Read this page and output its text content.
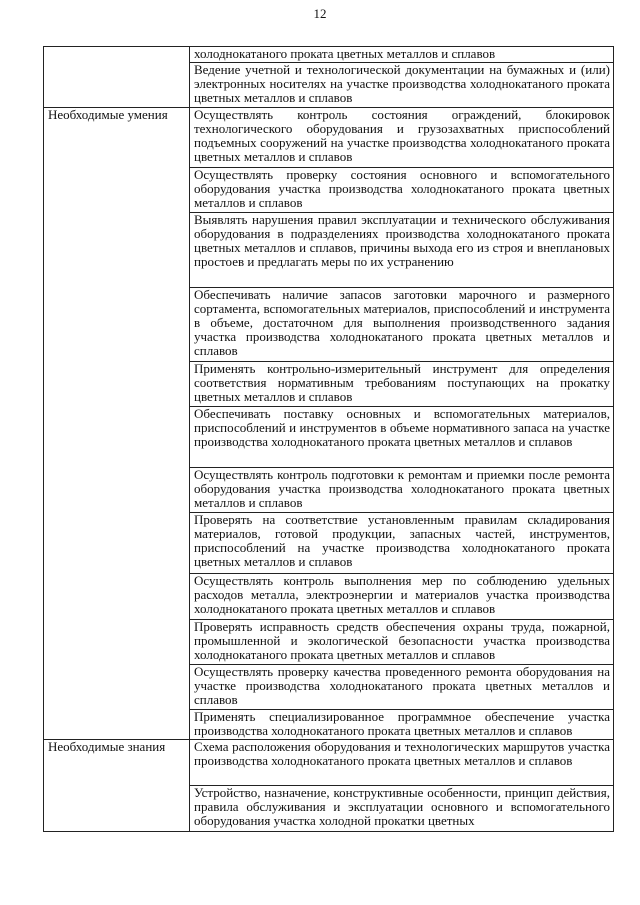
12
	холоднокатаного проката цветных металлов и сплавов
	Ведение учетной и технологической документации на бумажных и (или) электронных носителях на участке производства холоднокатаного проката цветных металлов и сплавов
Необходимые умения	Осуществлять контроль состояния ограждений, блокировок технологического оборудования и грузозахватных приспособлений подъемных сооружений на участке производства холоднокатаного проката цветных металлов и сплавов
	Осуществлять проверку состояния основного и вспомогательного оборудования участка производства холоднокатаного проката цветных металлов и сплавов
	Выявлять нарушения правил эксплуатации и технического обслуживания оборудования в подразделениях производства холоднокатаного проката цветных металлов и сплавов, причины выхода его из строя и внеплановых простоев и предлагать меры по их устранению
	Обеспечивать наличие запасов заготовки марочного и размерного сортамента, вспомогательных материалов, приспособлений и инструмента в объеме, достаточном для выполнения производственного задания участка производства холоднокатаного проката цветных металлов и сплавов
	Применять контрольно-измерительный инструмент для определения соответствия нормативным требованиям поступающих на прокатку цветных металлов и сплавов
	Обеспечивать поставку основных и вспомогательных материалов, приспособлений и инструментов в объеме нормативного запаса на участке производства холоднокатаного проката цветных металлов и сплавов
	Осуществлять контроль подготовки к ремонтам и приемки после ремонта оборудования участка производства холоднокатаного проката цветных металлов и сплавов
	Проверять на соответствие установленным правилам складирования материалов, готовой продукции, запасных частей, инструментов, приспособлений на участке производства холоднокатаного проката цветных металлов и сплавов
	Осуществлять контроль выполнения мер по соблюдению удельных расходов металла, электроэнергии и материалов участка производства холоднокатаного проката цветных металлов и сплавов
	Проверять исправность средств обеспечения охраны труда, пожарной, промышленной и экологической безопасности участка производства холоднокатаного проката цветных металлов и сплавов
	Осуществлять проверку качества проведенного ремонта оборудования на участке производства холоднокатаного проката цветных металлов и сплавов
	Применять специализированное программное обеспечение участка производства холоднокатаного проката цветных металлов и сплавов
Необходимые знания	Схема расположения оборудования и технологических маршрутов участка производства холоднокатаного проката цветных металлов и сплавов
	Устройство, назначение, конструктивные особенности, принцип действия, правила обслуживания и эксплуатации основного и вспомогательного оборудования участка холодной прокатки цветных
